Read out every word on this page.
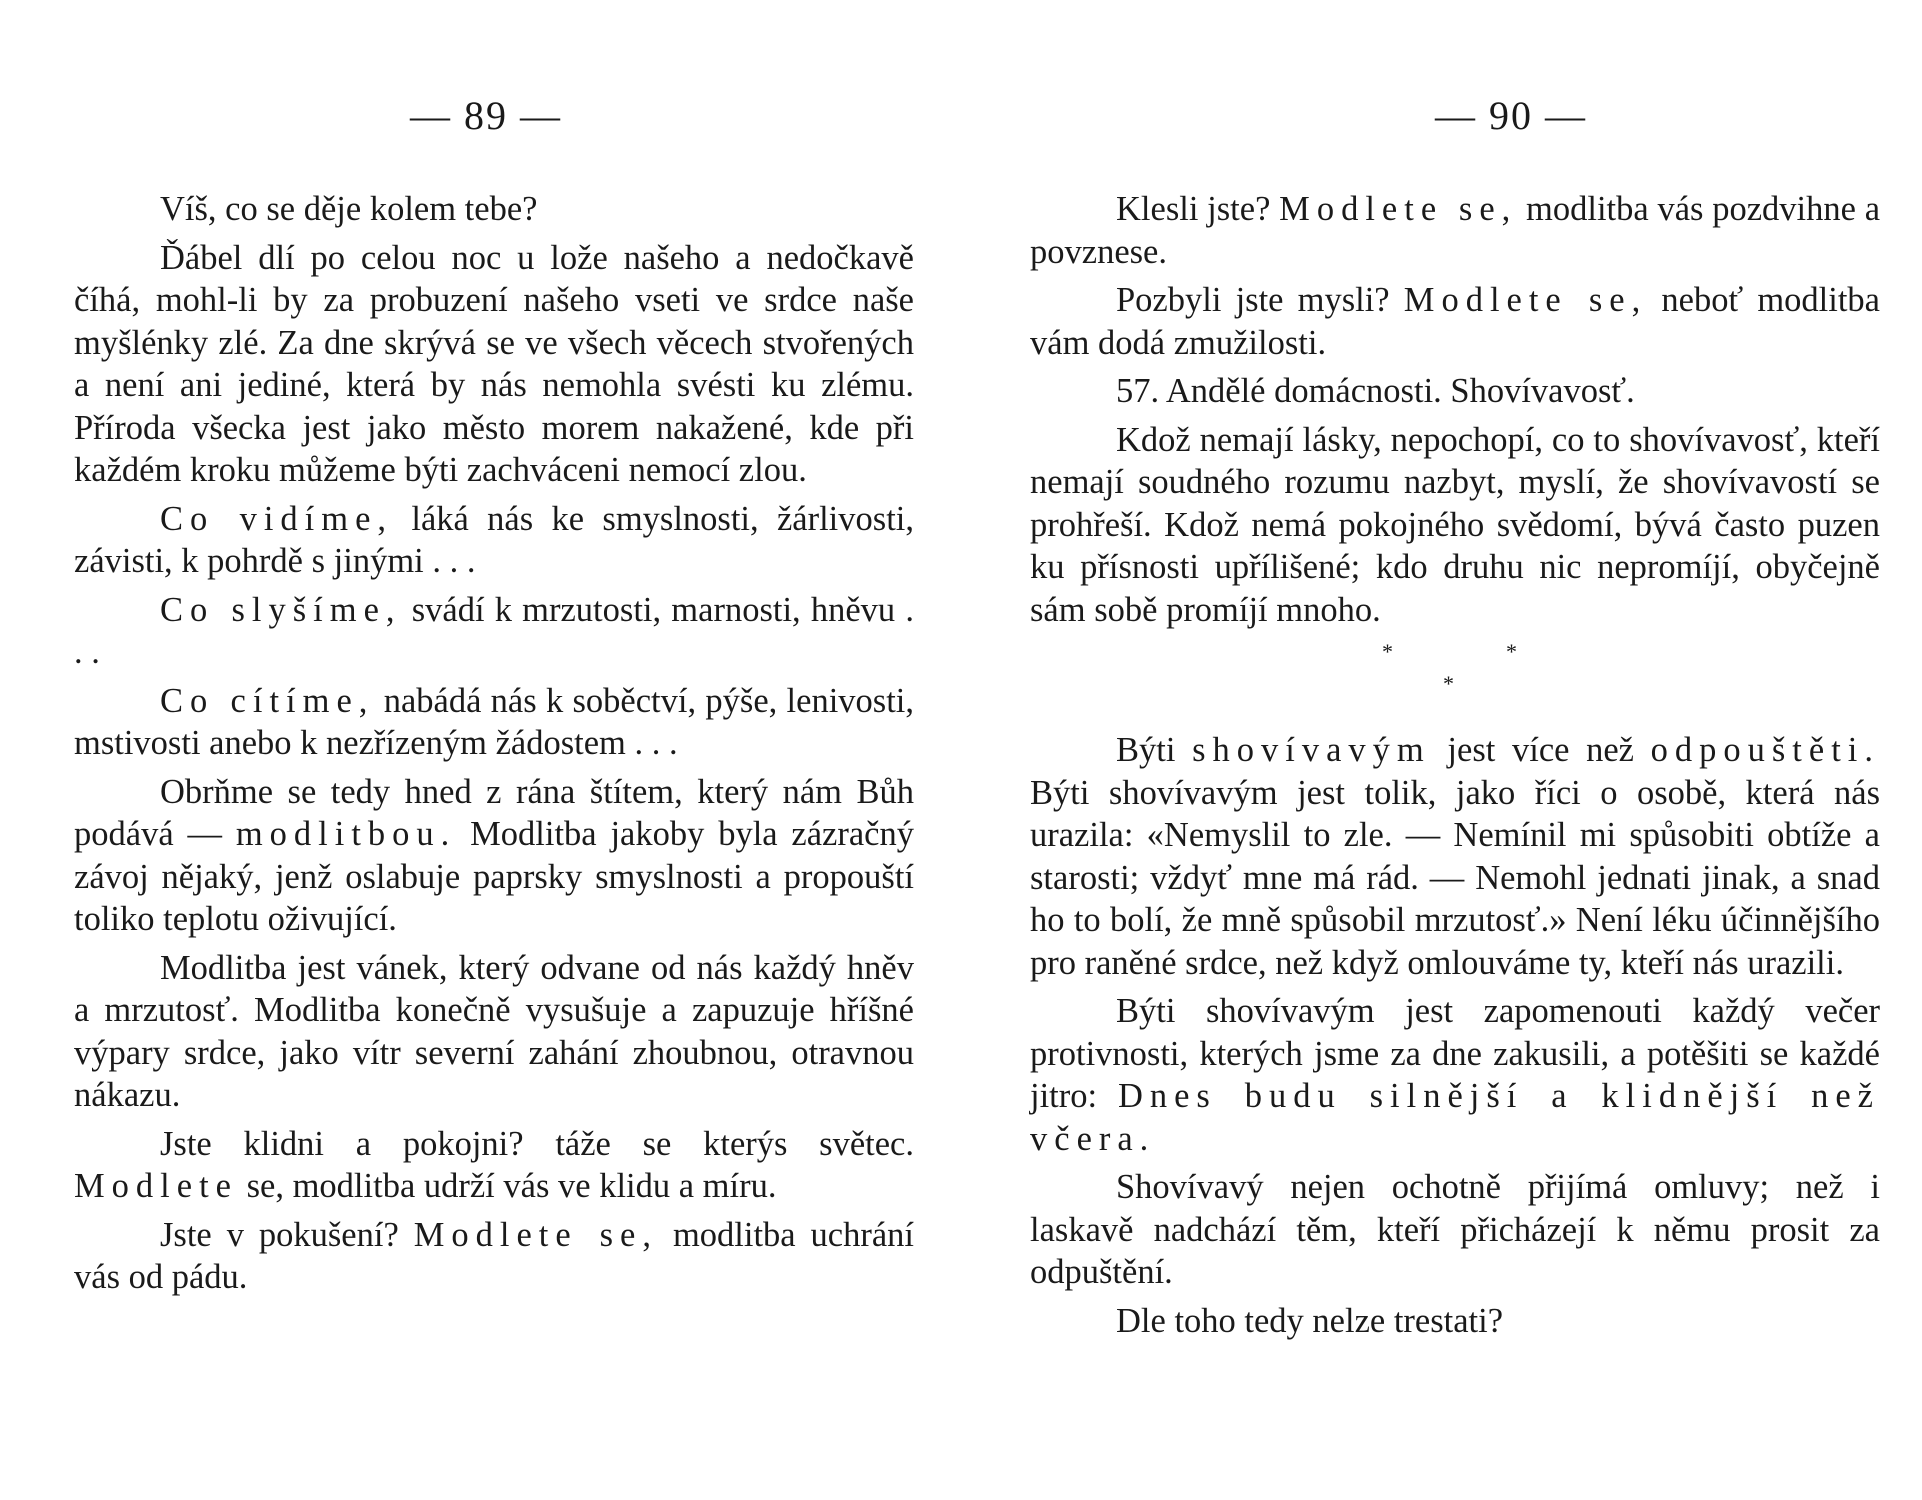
— 89 —

Víš, co se děje kolem tebe?

Ďábel dlí po celou noc u lože našeho a nedočkavě číhá, mohl-li by za probuzení našeho vseti ve srdce naše myšlénky zlé. Za dne skrývá se ve všech věcech stvořených a není ani jediné, která by nás nemohla svésti ku zlému. Příroda všecka jest jako město morem nakažené, kde při každém kroku můžeme býti zachváceni nemocí zlou.

Co vidíme, láká nás ke smyslnosti, žárlivosti, závisti, k pohrdě s jinými . . .

Co slyšíme, svádí k mrzutosti, marnosti, hněvu . . .

Co cítíme, nabádá nás k soběctví, pýše, lenivosti, mstivosti anebo k nezřízeným žádostem . . .

Obrňme se tedy hned z rána štítem, který nám Bůh podává — modlitbou. Modlitba jakoby byla zázračný závoj nějaký, jenž oslabuje paprsky smyslnosti a propouští toliko teplotu oživující.

Modlitba jest vánek, který odvane od nás každý hněv a mrzutosť. Modlitba konečně vysušuje a zapuzuje hříšné výpary srdce, jako vítr severní zahání zhoubnou, otravnou nákazu.

Jste klidni a pokojni? táže se kterýs světec. Modlete se, modlitba udrží vás ve klidu a míru.

Jste v pokušení? Modlete se, modlitba uchrání vás od pádu.

— 90 —

Klesli jste? Modlete se, modlitba vás pozdvihne a povznese.

Pozbyli jste mysli? Modlete se, neboť modlitba vám dodá zmužilosti.

57. Andělé domácnosti. Shovívavosť.

Kdož nemají lásky, nepochopí, co to shovívavosť, kteří nemají soudného rozumu nazbyt, myslí, že shovívavostí se prohřeší. Kdož nemá pokojného svědomí, bývá často puzen ku přísnosti upřílišené; kdo druhu nic nepromíjí, obyčejně sám sobě promíjí mnoho.

*	*
*

Býti shovívavým jest více než odpouštěti. Býti shovívavým jest tolik, jako říci o osobě, která nás urazila: «Nemyslil to zle. — Nemínil mi spůsobiti obtíže a starosti; vždyť mne má rád. — Nemohl jednati jinak, a snad ho to bolí, že mně spůsobil mrzutosť.» Není léku účinnějšího pro raněné srdce, než když omlouváme ty, kteří nás urazili.

Býti shovívavým jest zapomenouti každý večer protivnosti, kterých jsme za dne zakusili, a potěšiti se každé jitro: Dnes budu silnější a klidnější než včera.

Shovívavý nejen ochotně přijímá omluvy; než i laskavě nadchází těm, kteří přicházejí k němu prosit za odpuštění.

Dle toho tedy nelze trestati?
